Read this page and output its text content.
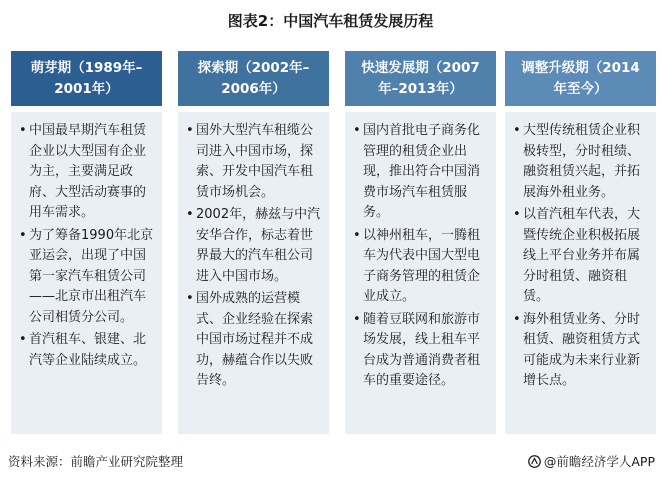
图表2：中国汽车租赁发展历程
萌芽期（1989年–2001年）
• 中国最早期汽车租赁企业以大型国有企业为主，主要满足政府、大型活动赛事的用车需求。
• 为了筹备1990年北京亚运会，出现了中国第一家汽车租赁公司——北京市出租汽车公司相赁分公司。
• 首汽租车、银建、北汽等企业陆续成立。
探索期（2002年–2006年）
• 国外大型汽车租缆公司进入中国市场，探索、开发中国汽车租赁市场机会。
• 2002年，赫兹与中汽安华合作，标志着世界最大的汽车租公司进入中国市场。
• 国外成熟的运营模式、企业经验在探索中国市场过程并不成功，赫蕴合作以失败告终。
快速发展期（2007年–2013年）
• 国内首批电子商务化管理的租赁企业出现，推出符合中国消费市场汽车租赁服务。
• 以神州租车，一腾租车为代表中国大型电子商务管理的租赁企业成立。
• 随着豆联网和旅游市场发展，线上租车平台成为普通消费者租车的重要途径。
调整升级期（2014年至今）
• 大型传统租赁企业积极转型，分时租绩、融资租赁兴起，并拓展海外租业务。
• 以首汽租车代表，大暨传统企业积极拓展线上平台业务并布属分时租赁、融资租赁。
• 海外租赁业务、分时租赁、融资租赁方式可能成为未来行业新增长点。
资料来源：前瞻产业研究院整理	@前瞻经济学人APP
